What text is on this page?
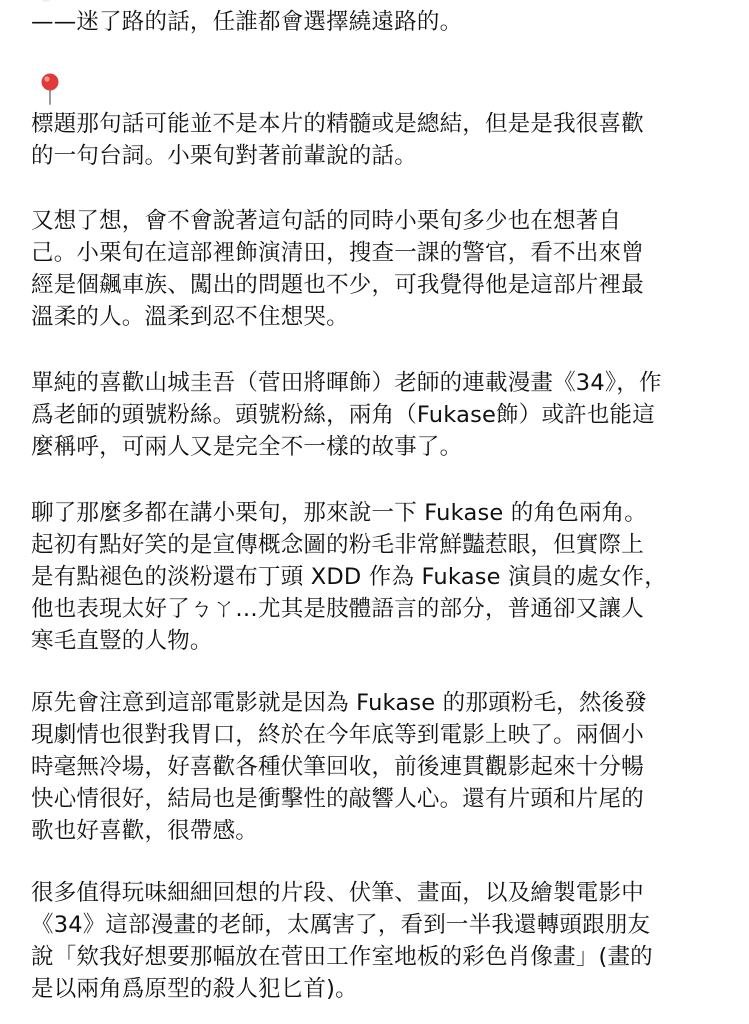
——迷了路的話，任誰都會選擇繞遠路的。
標題那句話可能並不是本片的精髓或是總結，但是是我很喜歡
的一句台詞。小栗旬對著前輩說的話。
又想了想，會不會說著這句話的同時小栗旬多少也在想著自
己。小栗旬在這部裡飾演清田，搜查一課的警官，看不出來曾
經是個飆車族、闖出的問題也不少，可我覺得他是這部片裡最
溫柔的人。溫柔到忍不住想哭。
單純的喜歡山城圭吾（菅田將暉飾）老師的連載漫畫《34》，作
爲老師的頭號粉絲。頭號粉絲，兩角（Fukase飾）或許也能這
麼稱呼，可兩人又是完全不一樣的故事了。
聊了那麼多都在講小栗旬，那來說一下 Fukase 的角色兩角。
起初有點好笑的是宣傳概念圖的粉毛非常鮮豔惹眼，但實際上
是有點褪色的淡粉還布丁頭 XDD 作為 Fukase 演員的處女作，
他也表現太好了ㄅㄚ…尤其是肢體語言的部分，普通卻又讓人
寒毛直豎的人物。
原先會注意到這部電影就是因為 Fukase 的那頭粉毛，然後發
現劇情也很對我胃口，終於在今年底等到電影上映了。兩個小
時毫無冷場，好喜歡各種伏筆回收，前後連貫觀影起來十分暢
快心情很好，結局也是衝擊性的敲響人心。還有片頭和片尾的
歌也好喜歡，很帶感。
很多值得玩味細細回想的片段、伏筆、畫面，以及繪製電影中
《34》這部漫畫的老師，太厲害了，看到一半我還轉頭跟朋友
說「欸我好想要那幅放在菅田工作室地板的彩色肖像畫」(畫的
是以兩角爲原型的殺人犯匕首)。
